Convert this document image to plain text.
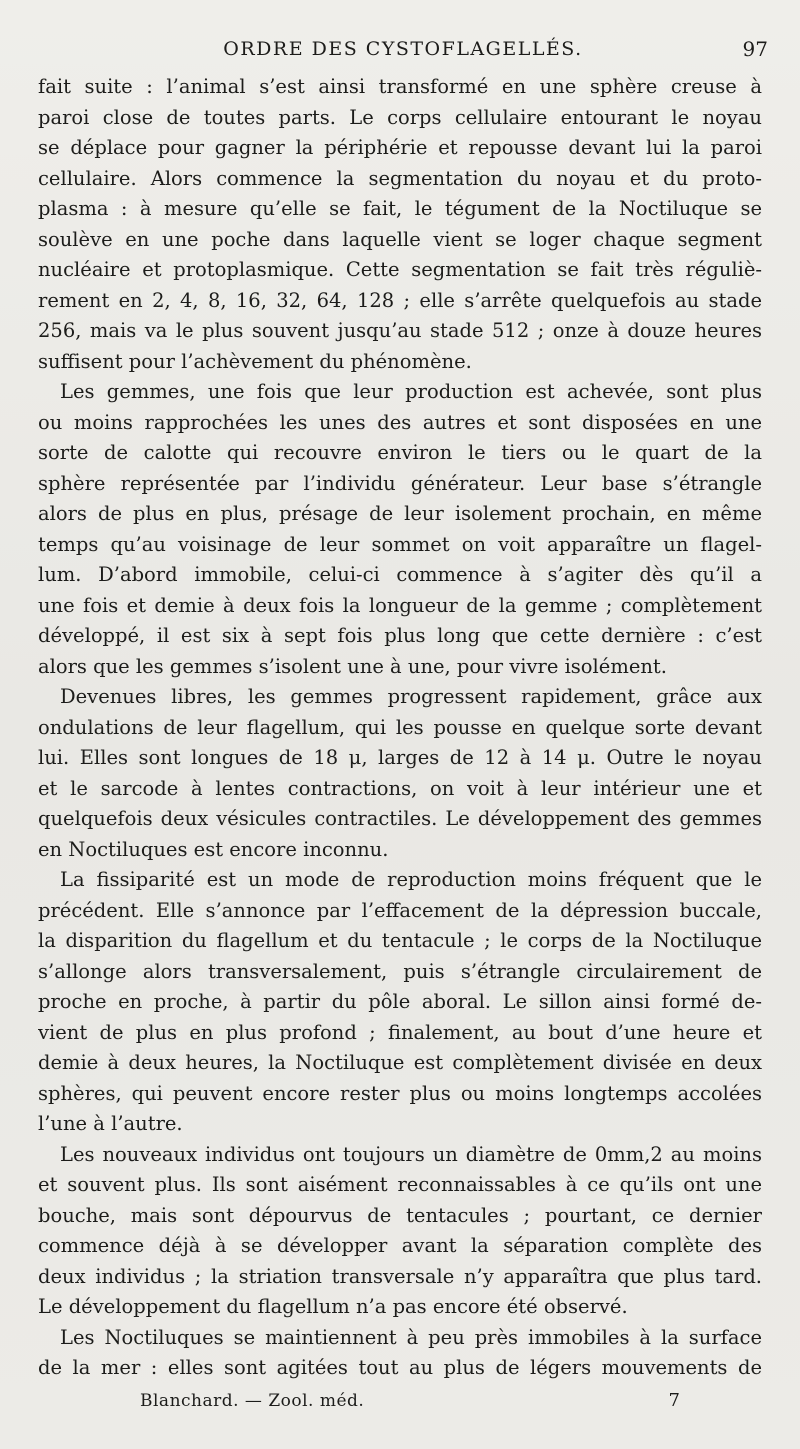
ORDRE DES CYSTOFLAGELLÉS.	97
fait suite : l’animal s’est ainsi transformé en une sphère creuse à
paroi close de toutes parts. Le corps cellulaire entourant le noyau
se déplace pour gagner la périphérie et repousse devant lui la paroi
cellulaire. Alors commence la segmentation du noyau et du proto-
plasma : à mesure qu’elle se fait, le tégument de la Noctiluque se
soulève en une poche dans laquelle vient se loger chaque segment
nucléaire et protoplasmique. Cette segmentation se fait très réguliè-
rement en 2, 4, 8, 16, 32, 64, 128 ; elle s’arrête quelquefois au stade
256, mais va le plus souvent jusqu’au stade 512 ; onze à douze heures
suffisent pour l’achèvement du phénomène.
Les gemmes, une fois que leur production est achevée, sont plus
ou moins rapprochées les unes des autres et sont disposées en une
sorte de calotte qui recouvre environ le tiers ou le quart de la
sphère représentée par l’individu générateur. Leur base s’étrangle
alors de plus en plus, présage de leur isolement prochain, en même
temps qu’au voisinage de leur sommet on voit apparaître un flagel-
lum. D’abord immobile, celui-ci commence à s’agiter dès qu’il a
une fois et demie à deux fois la longueur de la gemme ; complètement
développé, il est six à sept fois plus long que cette dernière : c’est
alors que les gemmes s’isolent une à une, pour vivre isolément.
Devenues libres, les gemmes progressent rapidement, grâce aux
ondulations de leur flagellum, qui les pousse en quelque sorte devant
lui. Elles sont longues de 18 μ, larges de 12 à 14 μ. Outre le noyau
et le sarcode à lentes contractions, on voit à leur intérieur une et
quelquefois deux vésicules contractiles. Le développement des gemmes
en Noctiluques est encore inconnu.
La fissiparité est un mode de reproduction moins fréquent que le
précédent. Elle s’annonce par l’effacement de la dépression buccale,
la disparition du flagellum et du tentacule ; le corps de la Noctiluque
s’allonge alors transversalement, puis s’étrangle circulairement de
proche en proche, à partir du pôle aboral. Le sillon ainsi formé de-
vient de plus en plus profond ; finalement, au bout d’une heure et
demie à deux heures, la Noctiluque est complètement divisée en deux
sphères, qui peuvent encore rester plus ou moins longtemps accolées
l’une à l’autre.
Les nouveaux individus ont toujours un diamètre de 0mm,2 au moins
et souvent plus. Ils sont aisément reconnaissables à ce qu’ils ont une
bouche, mais sont dépourvus de tentacules ; pourtant, ce dernier
commence déjà à se développer avant la séparation complète des
deux individus ; la striation transversale n’y apparaîtra que plus tard.
Le développement du flagellum n’a pas encore été observé.
Les Noctiluques se maintiennent à peu près immobiles à la surface
de la mer : elles sont agitées tout au plus de légers mouvements de
Blanchard. — Zool. méd.	7
